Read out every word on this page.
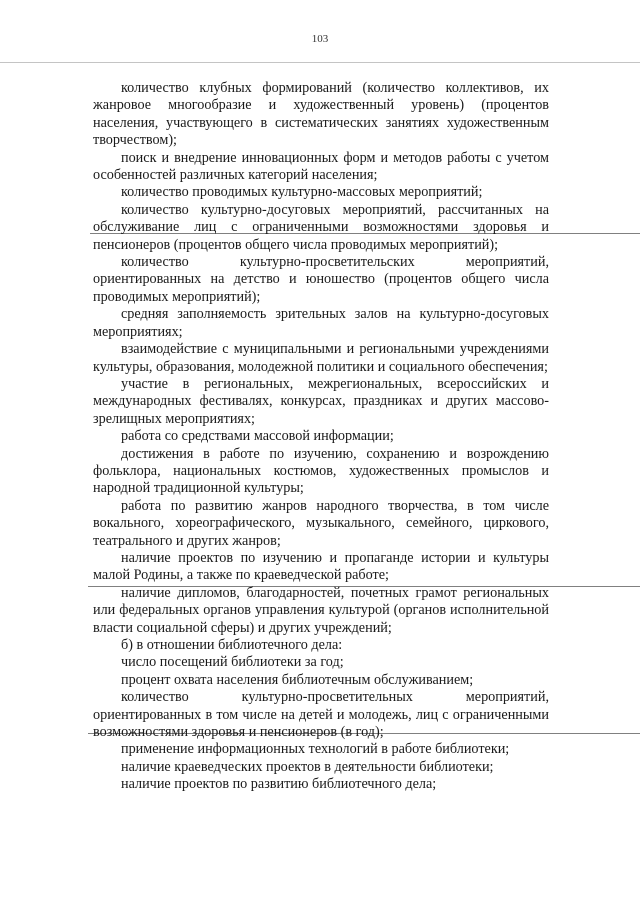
103

количество клубных формирований (количество коллективов, их жанровое многообразие и художественный уровень) (процентов населения, участвующего в систематических занятиях художественным творчеством);

поиск и внедрение инновационных форм и методов работы с учетом особенностей различных категорий населения;

количество проводимых культурно-массовых мероприятий;

количество культурно-досуговых мероприятий, рассчитанных на обслуживание лиц с ограниченными возможностями здоровья и пенсионеров (процентов общего числа проводимых мероприятий);

количество культурно-просветительских мероприятий, ориентированных на детство и юношество (процентов общего числа проводимых мероприятий);

средняя заполняемость зрительных залов на культурно-досуговых мероприятиях;

взаимодействие с муниципальными и региональными учреждениями культуры, образования, молодежной политики и социального обеспечения;

участие в региональных, межрегиональных, всероссийских и международных фестивалях, конкурсах, праздниках и других массово-зрелищных мероприятиях;

работа со средствами массовой информации;

достижения в работе по изучению, сохранению и возрождению фольклора, национальных костюмов, художественных промыслов и народной традиционной культуры;

работа по развитию жанров народного творчества, в том числе вокального, хореографического, музыкального, семейного, циркового, театрального и других жанров;

наличие проектов по изучению и пропаганде истории и культуры малой Родины, а также по краеведческой работе;

наличие дипломов, благодарностей, почетных грамот региональных или федеральных органов управления культурой (органов исполнительной власти социальной сферы) и других учреждений;

б) в отношении библиотечного дела:

число посещений библиотеки за год;

процент охвата населения библиотечным обслуживанием;

количество культурно-просветительных мероприятий, ориентированных в том числе на детей и молодежь, лиц с ограниченными возможностями здоровья и пенсионеров (в год);

применение информационных технологий в работе библиотеки;

наличие краеведческих проектов в деятельности библиотеки;

наличие проектов по развитию библиотечного дела;
